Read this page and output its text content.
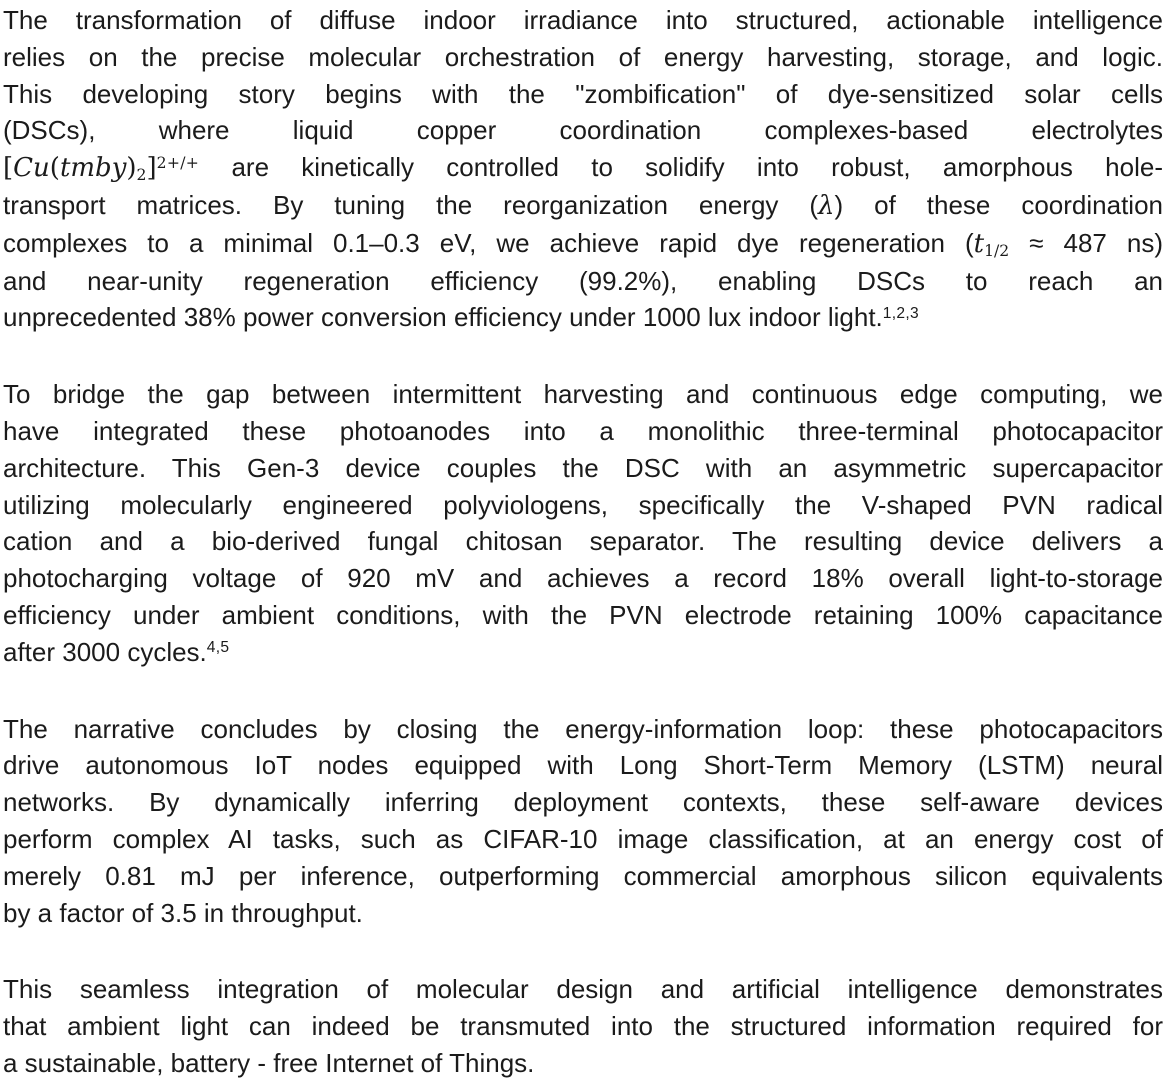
The transformation of diffuse indoor irradiance into structured, actionable intelligence
relies on the precise molecular orchestration of energy harvesting, storage, and logic.
This developing story begins with the "zombification" of dye-sensitized solar cells
(DSCs), where liquid copper coordination complexes-based electrolytes
[Cu(tmby)2]$^{2+/+}$ are kinetically controlled to solidify into robust, amorphous hole-
transport matrices. By tuning the reorganization energy (λ) of these coordination
complexes to a minimal 0.1–0.3 eV, we achieve rapid dye regeneration (t1/2 ≈ 487 ns)
and near-unity regeneration efficiency (99.2%), enabling DSCs to reach an
unprecedented 38% power conversion efficiency under 1000 lux indoor light.$^{1,2,3}$
To bridge the gap between intermittent harvesting and continuous edge computing, we
have integrated these photoanodes into a monolithic three-terminal photocapacitor
architecture. This Gen-3 device couples the DSC with an asymmetric supercapacitor
utilizing molecularly engineered polyviologens, specifically the V-shaped PVN radical
cation and a bio-derived fungal chitosan separator. The resulting device delivers a
photocharging voltage of 920 mV and achieves a record 18% overall light-to-storage
efficiency under ambient conditions, with the PVN electrode retaining 100% capacitance
after 3000 cycles.$^{4,5}$
The narrative concludes by closing the energy-information loop: these photocapacitors
drive autonomous IoT nodes equipped with Long Short-Term Memory (LSTM) neural
networks. By dynamically inferring deployment contexts, these self-aware devices
perform complex AI tasks, such as CIFAR-10 image classification, at an energy cost of
merely 0.81 mJ per inference, outperforming commercial amorphous silicon equivalents
by a factor of 3.5 in throughput.
This seamless integration of molecular design and artificial intelligence demonstrates
that ambient light can indeed be transmuted into the structured information required for
a sustainable, battery - free Internet of Things.
